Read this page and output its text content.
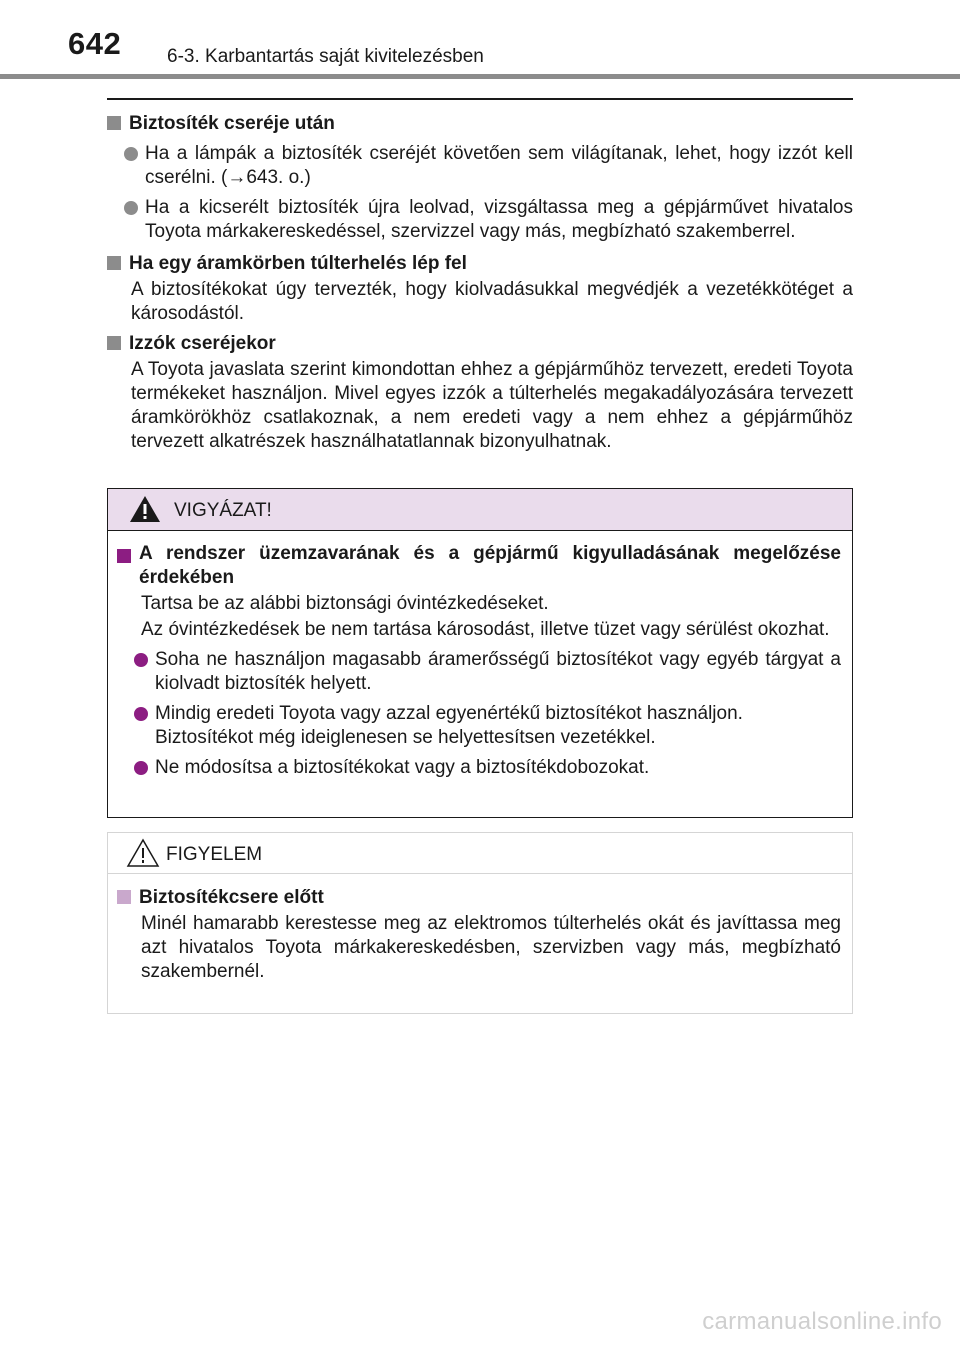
642 6-3. Karbantartás saját kivitelezésben
Biztosíték cseréje után
Ha a lámpák a biztosíték cseréjét követően sem világítanak, lehet, hogy izzót kell cserélni. (→643. o.)
Ha a kicserélt biztosíték újra leolvad, vizsgáltassa meg a gépjárművet hivatalos Toyota márkakereskedéssel, szervizzel vagy más, megbízható szakemberrel.
Ha egy áramkörben túlterhelés lép fel
A biztosítékokat úgy tervezték, hogy kiolvadásukkal megvédjék a vezetékkötéget a károsodástól.
Izzók cseréjekor
A Toyota javaslata szerint kimondottan ehhez a gépjárműhöz tervezett, eredeti Toyota termékeket használjon. Mivel egyes izzók a túlterhelés megakadályozására tervezett áramkörökhöz csatlakoznak, a nem eredeti vagy a nem ehhez a gépjárműhöz tervezett alkatrészek használhatatlannak bizonyulhatnak.
VIGYÁZAT!
A rendszer üzemzavarának és a gépjármű kigyulladásának megelőzése érdekében
Tartsa be az alábbi biztonsági óvintézkedéseket.
Az óvintézkedések be nem tartása károsodást, illetve tüzet vagy sérülést okozhat.
Soha ne használjon magasabb áramerősségű biztosítékot vagy egyéb tárgyat a kiolvadt biztosíték helyett.
Mindig eredeti Toyota vagy azzal egyenértékű biztosítékot használjon. Biztosítékot még ideiglenesen se helyettesítsen vezetékkel.
Ne módosítsa a biztosítékokat vagy a biztosítékdobozokat.
FIGYELEM
Biztosítékcsere előtt
Minél hamarabb kerestesse meg az elektromos túlterhelés okát és javíttassa meg azt hivatalos Toyota márkakereskedésben, szervizben vagy más, megbízható szakembernél.
carmanualsonline.info
